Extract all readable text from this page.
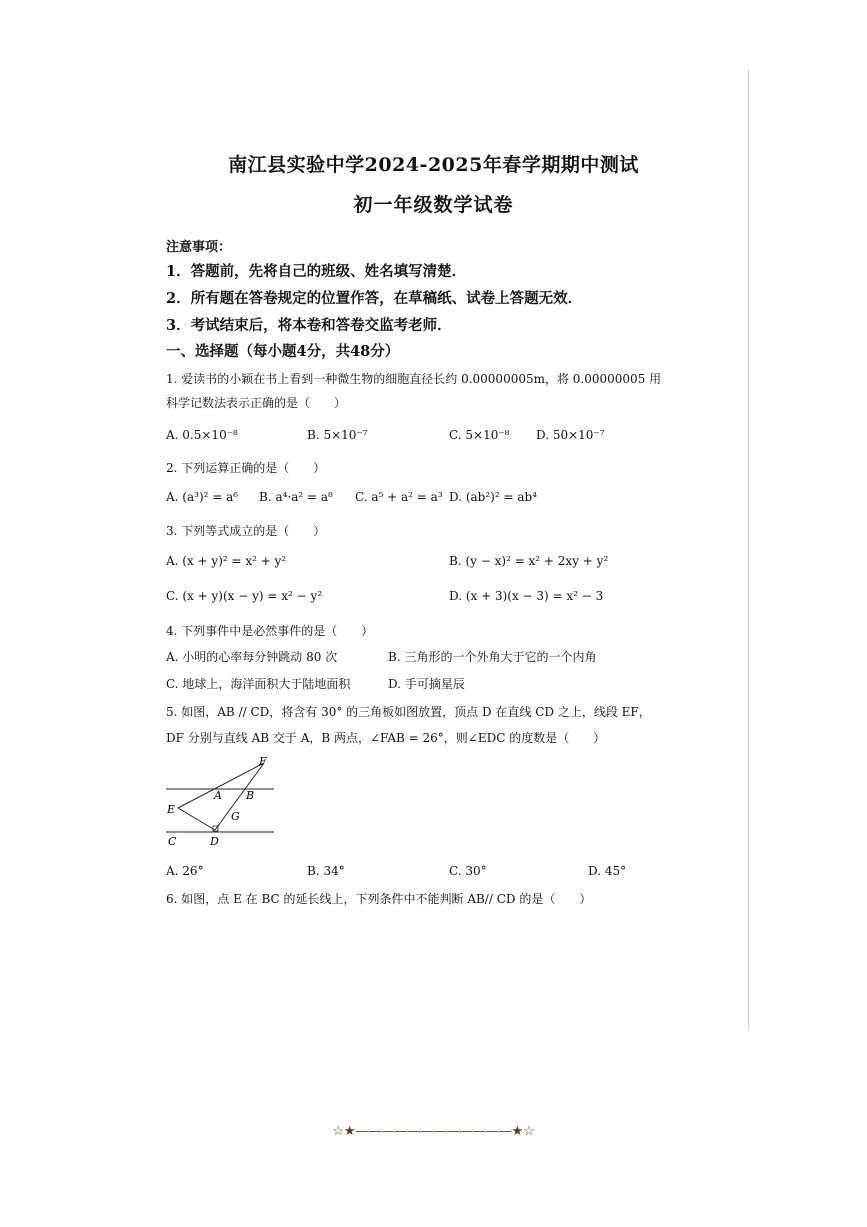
南江县实验中学2024-2025年春学期期中测试
初一年级数学试卷
注意事项：
1．答题前，先将自己的班级、姓名填写清楚．
2．所有题在答卷规定的位置作答，在草稿纸、试卷上答题无效．
3．考试结束后，将本卷和答卷交监考老师．
一、选择题（每小题4分，共48分）
1. 爱读书的小颖在书上看到一种微生物的细胞直径长约 0.00000005m，将 0.00000005 用
科学记数法表示正确的是（　　）
A. 0.5×10⁻⁸	B. 5×10⁻⁷	C. 5×10⁻⁸ D. 50×10⁻⁷
2. 下列运算正确的是（　　）
A. (a³)² = a⁶ B. a⁴·a² = a⁸ C. a⁵ + a² = a³ D. (ab²)² = ab⁴
3. 下列等式成立的是（　　）
A. (x + y)² = x² + y²	B. (y − x)² = x² + 2xy + y²
C. (x + y)(x − y) = x² − y²	D. (x + 3)(x − 3) = x² − 3
4. 下列事件中是必然事件的是（　　）
A. 小明的心率每分钟跳动 80 次	B. 三角形的一个外角大于它的一个内角
C. 地球上，海洋面积大于陆地面积	D. 手可摘星辰
5. 如图，AB // CD，将含有 30° 的三角板如图放置，顶点 D 在直线 CD 之上，线段 EF，
DF 分别与直线 AB 交于 A，B 两点，∠FAB = 26°，则∠EDC 的度数是（　　）
F
A B
E
G
C	D
A. 26°	B. 34°	C. 30°	D. 45°
6. 如图，点 E 在 BC 的延长线上，下列条件中不能判断 AB// CD 的是（　　）
☆★————————————★☆
